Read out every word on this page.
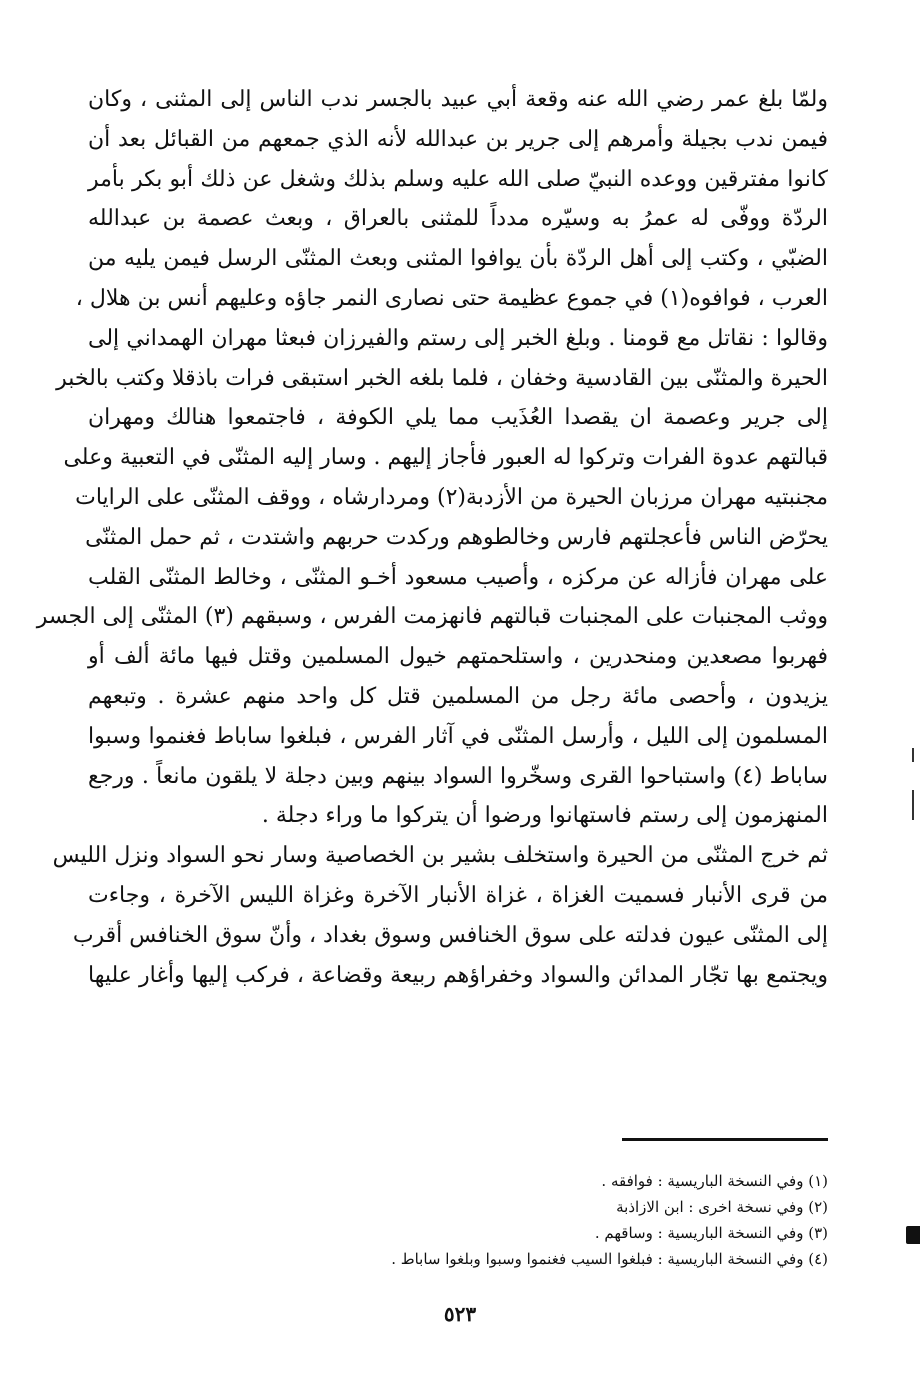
ولمّا بلغ عمر رضي الله عنه وقعة أبي عبيد بالجسر ندب الناس إلى المثنى ، وكان
فيمن ندب بجيلة وأمرهم إلى جرير بن عبدالله لأنه الذي جمعهم من القبائل بعد أن
كانوا مفترقين ووعده النبيّ صلى الله عليه وسلم بذلك وشغل عن ذلك أبو بكر بأمر
الردّة ووفّى له عمرُ به وسيّره مدداً للمثنى بالعراق ، وبعث عصمة بن عبدالله
الضبّي ، وكتب إلى أهل الردّة بأن يوافوا المثنى وبعث المثنّى الرسل فيمن يليه من
العرب ، فوافوه(١) في جموع عظيمة حتى نصارى النمر جاؤه وعليهم أنس بن هلال ،
وقالوا : نقاتل مع قومنا . وبلغ الخبر إلى رستم والفيرزان فبعثا مهران الهمداني إلى
الحيرة والمثنّى بين القادسية وخفان ، فلما بلغه الخبر استبقى فرات باذقلا وكتب بالخبر
إلى جرير وعصمة ان يقصدا العُذَيب مما يلي الكوفة ، فاجتمعوا هنالك ومهران
قبالتهم عدوة الفرات وتركوا له العبور فأجاز إليهم . وسار إليه المثنّى في التعبية وعلى
مجنبتيه مهران مرزبان الحيرة من الأزدبة(٢) ومردارشاه ، ووقف المثنّى على الرايات
يحرّض الناس فأعجلتهم فارس وخالطوهم وركدت حربهم واشتدت ، ثم حمل المثنّى
على مهران فأزاله عن مركزه ، وأصيب مسعود أخـو المثنّى ، وخالط المثنّى القلب
ووثب المجنبات على المجنبات قبالتهم فانهزمت الفرس ، وسبقهم (٣) المثنّى إلى الجسر
فهربوا مصعدين ومنحدرين ، واستلحمتهم خيول المسلمين وقتل فيها مائة ألف أو
يزيدون ، وأحصى مائة رجل من المسلمين قتل كل واحد منهم عشرة . وتبعهم
المسلمون إلى الليل ، وأرسل المثنّى في آثار الفرس ، فبلغوا ساباط فغنموا وسبوا
ساباط (٤) واستباحوا القرى وسخّروا السواد بينهم وبين دجلة لا يلقون مانعاً . ورجع
المنهزمون إلى رستم فاستهانوا ورضوا أن يتركوا ما وراء دجلة .
ثم خرج المثنّى من الحيرة واستخلف بشير بن الخصاصية وسار نحو السواد ونزل الليس
من قرى الأنبار فسميت الغزاة ، غزاة الأنبار الآخرة وغزاة الليس الآخرة ، وجاءت
إلى المثنّى عيون فدلته على سوق الخنافس وسوق بغداد ، وأنّ سوق الخنافس أقرب
ويجتمع بها تجّار المدائن والسواد وخفراؤهم ربيعة وقضاعة ، فركب إليها وأغار عليها
(١) وفي النسخة الباريسية : فوافقه .
(٢) وفي نسخة اخرى : ابن الازاذبة
(٣) وفي النسخة الباريسية : وساقهم .
(٤) وفي النسخة الباريسية : فبلغوا السيب فغنموا وسبوا وبلغوا ساباط .
٥٢٣
